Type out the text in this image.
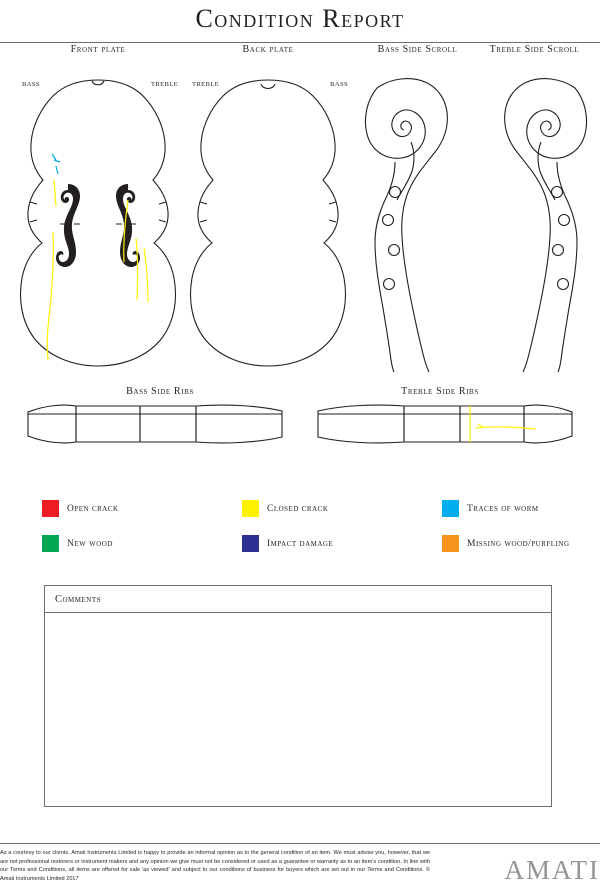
Condition Report
Front plate
BASS	TREBLE
Back plate
TREBLE	BASS
Bass Side Scroll	Treble Side Scroll
Bass Side Ribs	Treble Side Ribs
Open crack	Closed crack	Traces of worm
New wood	Impact damage	Missing wood/purfling
Comments
As a courtesy to our clients, Amati Instruments Limited is happy to provide an informal opinion as to the general condition of an item. We must advise you, however, that we are not professional restorers or instrument makers and any opinion we give must not be considered or used as a guarantee or warranty as to an item's condition. In line with our Terms and Conditions, all items are offered for sale 'as viewed' and subject to our conditions of business for buyers which are set out in our Terms and Conditions. © Amati Instruments Limited 2017	AMATI
